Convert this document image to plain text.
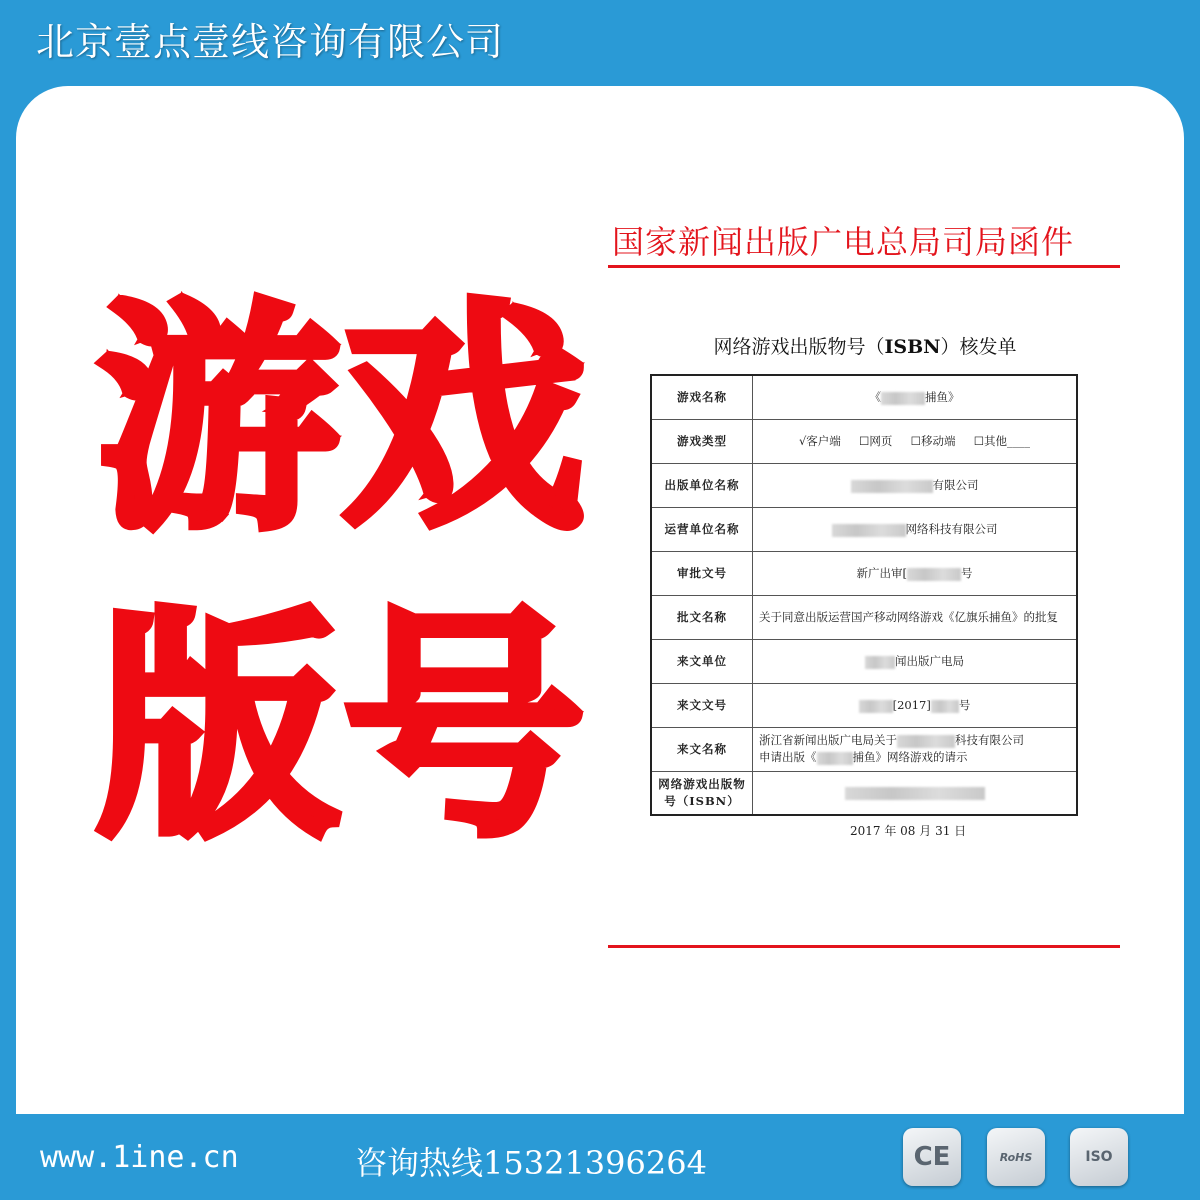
北京壹点壹线咨询有限公司
游戏
版号
国家新闻出版广电总局司局函件
网络游戏出版物号（ISBN）核发单
游戏名称	《 捕鱼》
游戏类型	√客户端 ☐网页 ☐移动端 ☐其他____
出版单位名称	有限公司
运营单位名称	网络科技有限公司
审批文号	新广出审[ 号
批文名称	关于同意出版运营国产移动网络游戏《亿旗乐捕鱼》的批复
来文单位	闻出版广电局
来文文号	[2017] 号
来文名称	浙江省新闻出版广电局关于 科技有限公司
申请出版《 捕鱼》网络游戏的请示
网络游戏出版物号（ISBN）	
2017 年 08 月 31 日
www.1ine.cn	咨询热线15321396264	CE	RoHS	ISO
